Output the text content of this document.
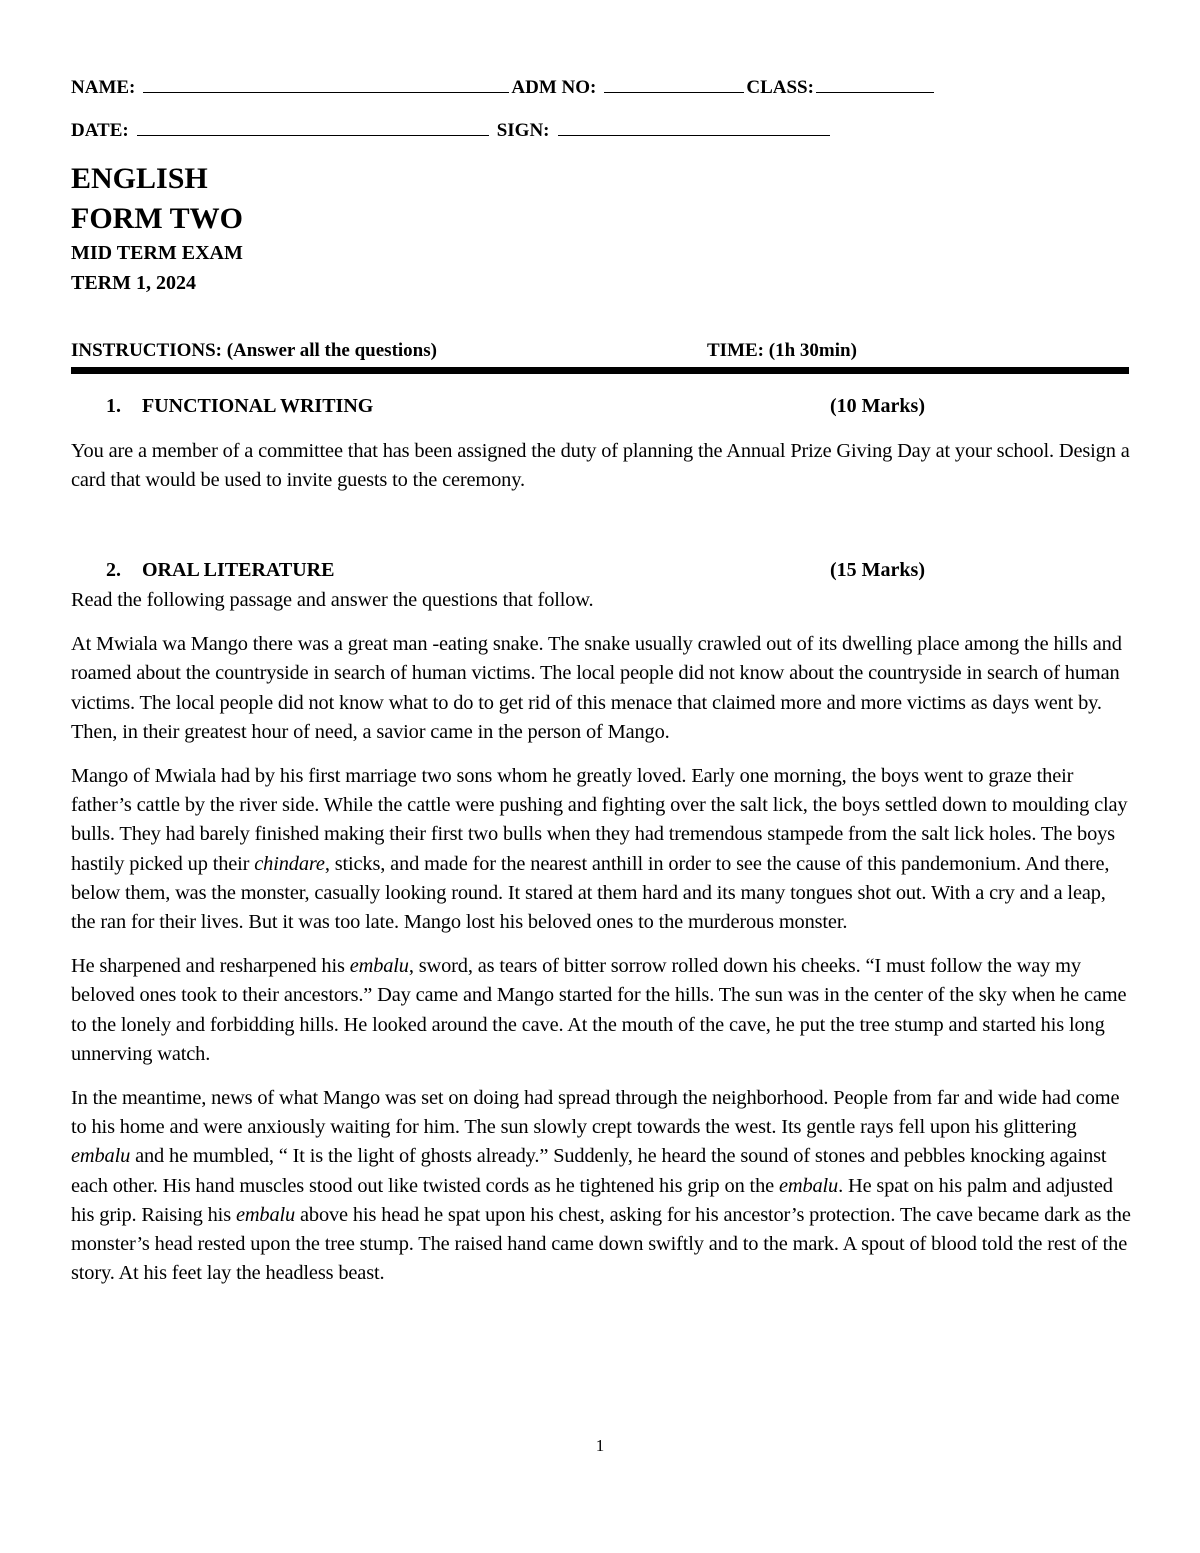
NAME:	ADM NO:	CLASS:
DATE:	SIGN:
ENGLISH
FORM TWO
MID TERM EXAM
TERM 1, 2024
INSTRUCTIONS: (Answer all the questions)	TIME: (1h 30min)
1. FUNCTIONAL WRITING	(10 Marks)

You are a member of a committee that has been assigned the duty of planning the Annual Prize Giving Day at your school. Design a card that would be used to invite guests to the ceremony.

2. ORAL LITERATURE	(15 Marks)

Read the following passage and answer the questions that follow.

At Mwiala wa Mango there was a great man -eating snake. The snake usually crawled out of its dwelling place among the hills and roamed about the countryside in search of human victims. The local people did not know about the countryside in search of human victims. The local people did not know what to do to get rid of this menace that claimed more and more victims as days went by. Then, in their greatest hour of need, a savior came in the person of Mango.

Mango of Mwiala had by his first marriage two sons whom he greatly loved. Early one morning, the boys went to graze their father’s cattle by the river side. While the cattle were pushing and fighting over the salt lick, the boys settled down to moulding clay bulls. They had barely finished making their first two bulls when they had tremendous stampede from the salt lick holes. The boys hastily picked up their chindare, sticks, and made for the nearest anthill in order to see the cause of this pandemonium. And there, below them, was the monster, casually looking round. It stared at them hard and its many tongues shot out. With a cry and a leap, the ran for their lives. But it was too late. Mango lost his beloved ones to the murderous monster.

He sharpened and resharpened his embalu, sword, as tears of bitter sorrow rolled down his cheeks. “I must follow the way my beloved ones took to their ancestors.” Day came and Mango started for the hills. The sun was in the center of the sky when he came to the lonely and forbidding hills. He looked around the cave. At the mouth of the cave, he put the tree stump and started his long unnerving watch.

In the meantime, news of what Mango was set on doing had spread through the neighborhood. People from far and wide had come to his home and were anxiously waiting for him. The sun slowly crept towards the west. Its gentle rays fell upon his glittering embalu and he mumbled, “ It is the light of ghosts already.” Suddenly, he heard the sound of stones and pebbles knocking against each other. His hand muscles stood out like twisted cords as he tightened his grip on the embalu. He spat on his palm and adjusted his grip. Raising his embalu above his head he spat upon his chest, asking for his ancestor’s protection. The cave became dark as the monster’s head rested upon the tree stump. The raised hand came down swiftly and to the mark. A spout of blood told the rest of the story. At his feet lay the headless beast.

1
